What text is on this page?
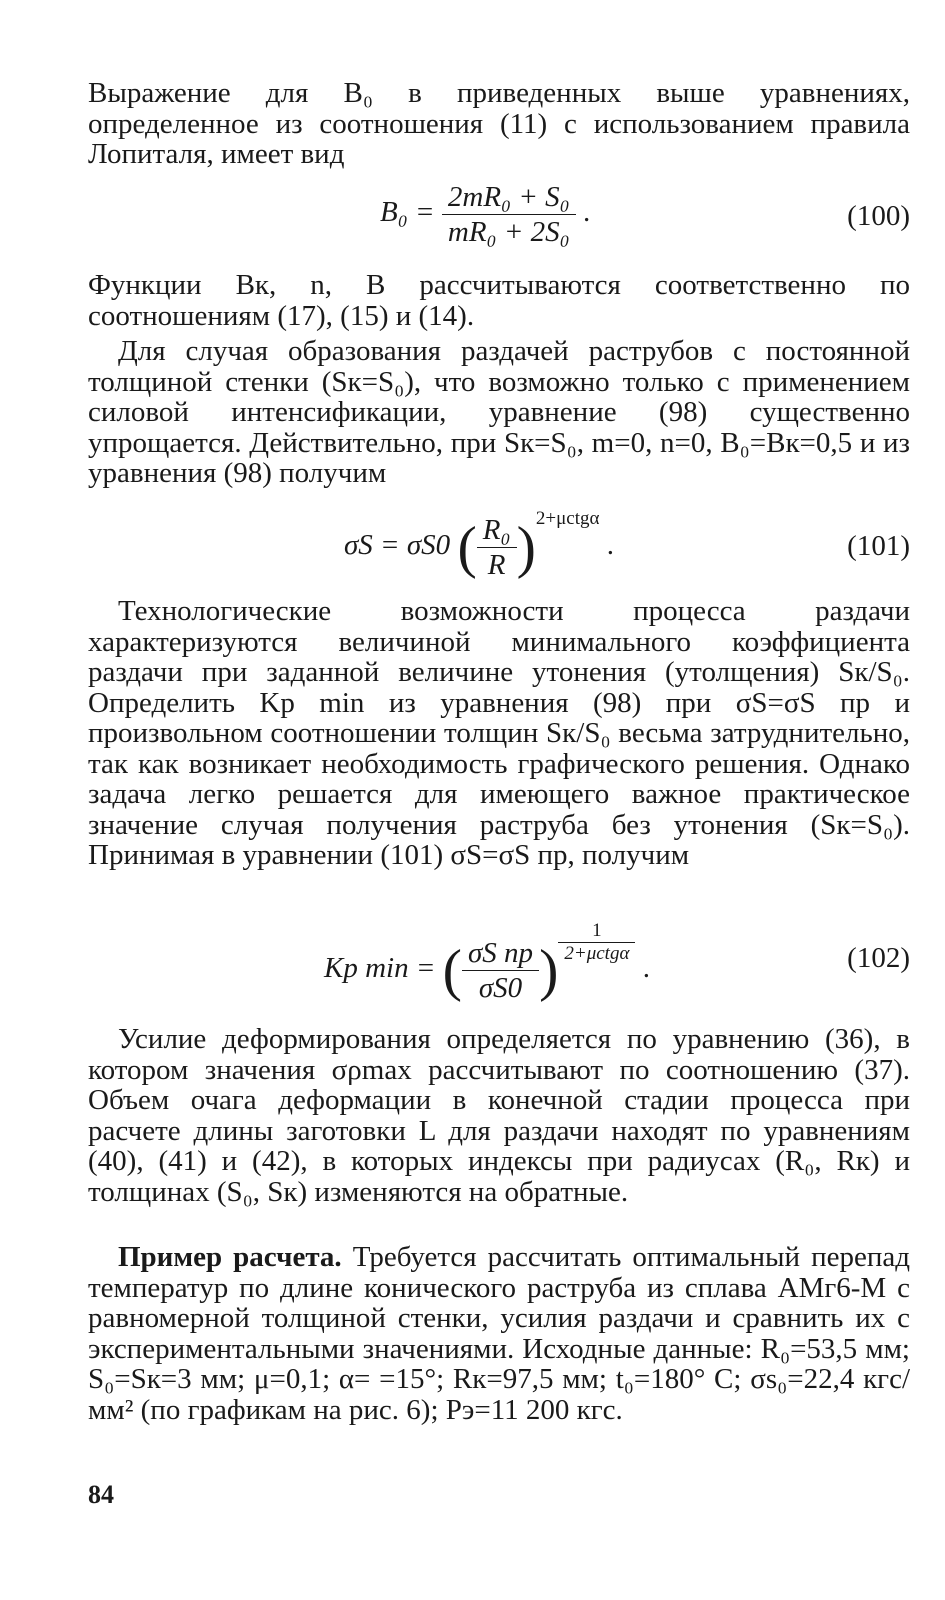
Выражение для B₀ в приведенных выше уравнениях, определенное из соотношения (11) с использованием правила Лопиталя, имеет вид

$B_0 = \frac{\text{2mR₀ + S₀}}{\text{mR₀ + 2S₀}}$ .	(100)

Функции Bк, n, B рассчитываются соответственно по соотношениям (17), (15) и (14).

Для случая образования раздачей раструбов с постоянной толщиной стенки (Sк=S₀), что возможно только с применением силовой интенсификации, уравнение (98) существенно упрощается. Действительно, при Sк=S₀, m=0, n=0, B₀=Bк=0,5 и из уравнения (98) получим

σS = σS0 ( $\frac{\text{R₀}}{R} )^{2+\mu ctg\alpha}$ .	(101)

Технологические возможности процесса раздачи характеризуются величиной минимального коэффициента раздачи при заданной величине утонения (утолщения) Sк/S₀. Определить Kр min из уравнения (98) при σS=σS пр и произвольном соотношении толщин Sк/S₀ весьма затруднительно, так как возникает необходимость графического решения. Однако задача легко решается для имеющего важное практическое значение случая получения раструба без утонения (Sк=S₀). Принимая в уравнении (101) σS=σS пр, получим

Kp min = ( $\frac{\text{σS пр}}{\sigma S0}$ ) $\frac{1}{\text{2+μctgα}}$
.	(102)

Усилие деформирования определяется по уравнению (36), в котором значения σρmax рассчитывают по соотношению (37). Объем очага деформации в конечной стадии процесса при расчете длины заготовки L для раздачи находят по уравнениям (40), (41) и (42), в которых индексы при радиусах (R₀, Rк) и толщинах (S₀, Sк) изменяются на обратные.

Пример расчета. Требуется рассчитать оптимальный перепад температур по длине конического раструба из сплава АМг6-М с равномерной толщиной стенки, усилия раздачи и сравнить их с экспериментальными значениями. Исходные данные: R₀=53,5 мм; S₀=Sк=3 мм; μ=0,1; α= =15°; Rк=97,5 мм; t₀=180° С; σs₀=22,4 кгс/мм² (по графикам на рис. 6); Pэ=11 200 кгс.

84
